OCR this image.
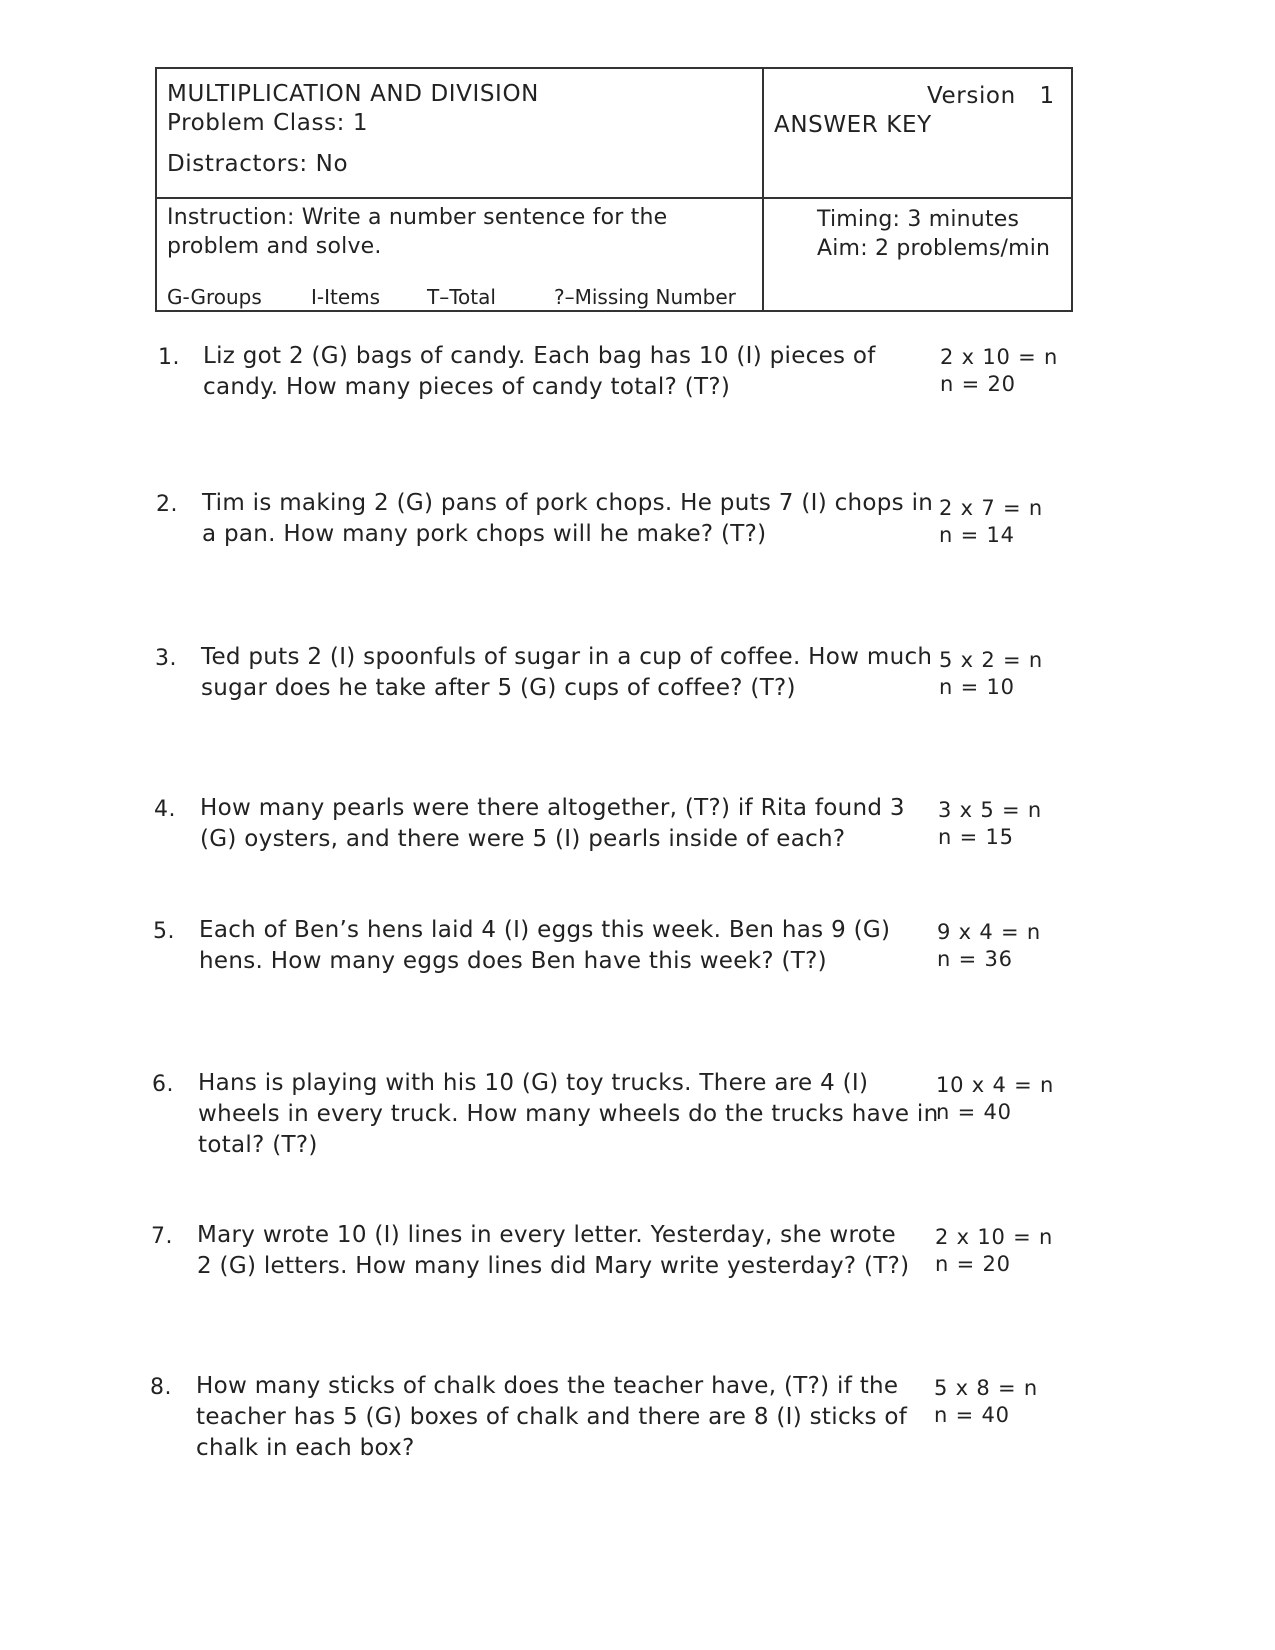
MULTIPLICATION AND DIVISION
Problem Class: 1
Distractors: No
Version   1
ANSWER KEY
Instruction: Write a number sentence for the
problem and solve.
Timing: 3 minutes
Aim: 2 problems/min
G-Groups I-Items T–Total	?–Missing Number
1. Liz got 2 (G) bags of candy. Each bag has 10 (I) pieces of
candy. How many pieces of candy total? (T?)
2 x 10 = n
n = 20
2. Tim is making 2 (G) pans of pork chops. He puts 7 (I) chops in
a pan. How many pork chops will he make? (T?)
2 x 7 = n
n = 14
3. Ted puts 2 (I) spoonfuls of sugar in a cup of coffee. How much
sugar does he take after 5 (G) cups of coffee? (T?)
5 x 2 = n
n = 10
4. How many pearls were there altogether, (T?) if Rita found 3
(G) oysters, and there were 5 (I) pearls inside of each?
3 x 5 = n
n = 15
5. Each of Ben’s hens laid 4 (I) eggs this week. Ben has 9 (G)
hens. How many eggs does Ben have this week? (T?)
9 x 4 = n
n = 36
6. Hans is playing with his 10 (G) toy trucks. There are 4 (I)
wheels in every truck. How many wheels do the trucks have in
total? (T?)
10 x 4 = n
n = 40
7. Mary wrote 10 (I) lines in every letter. Yesterday, she wrote
2 (G) letters. How many lines did Mary write yesterday? (T?)
2 x 10 = n
n = 20
8. How many sticks of chalk does the teacher have, (T?) if the
teacher has 5 (G) boxes of chalk and there are 8 (I) sticks of
chalk in each box?
5 x 8 = n
n = 40
